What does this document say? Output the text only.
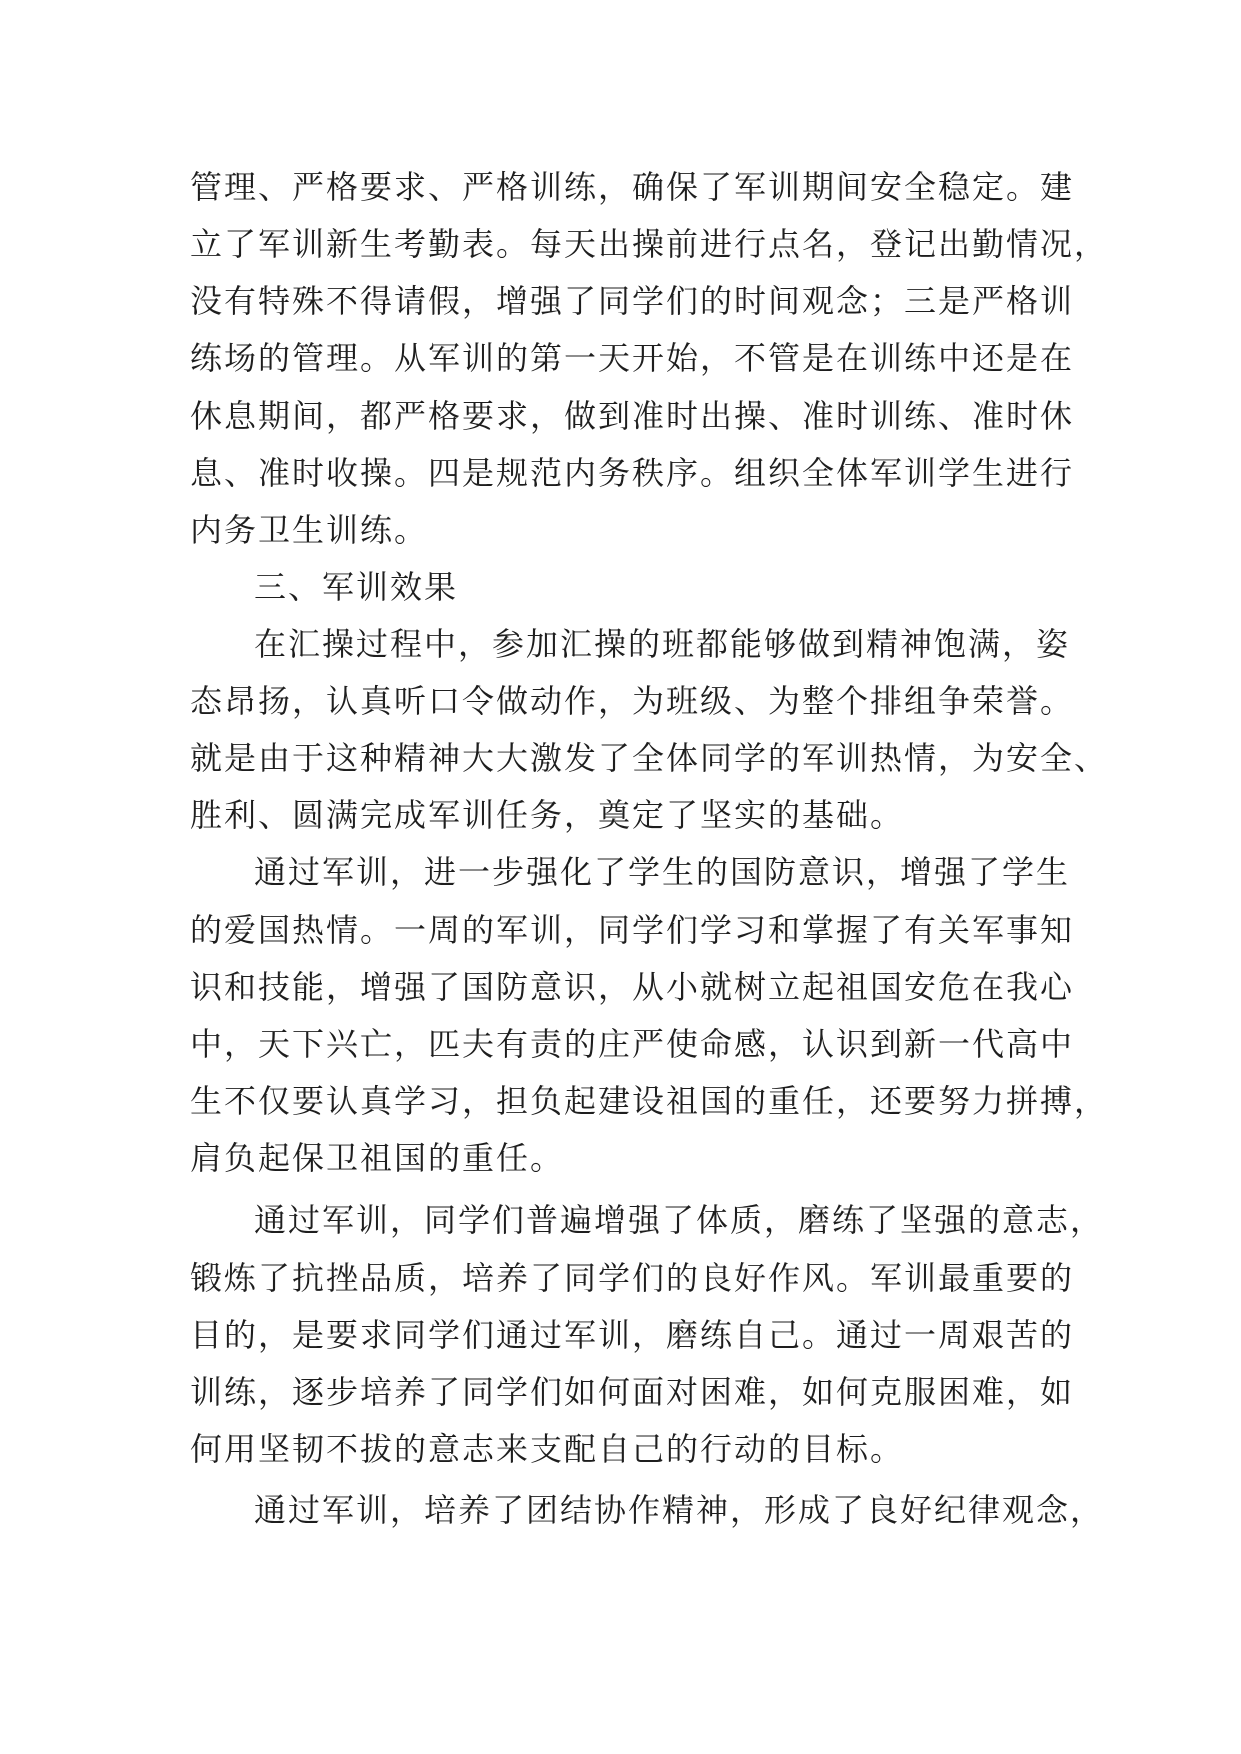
管理、严格要求、严格训练，确保了军训期间安全稳定。建
立了军训新生考勤表。每天出操前进行点名，登记出勤情况，
没有特殊不得请假，增强了同学们的时间观念；三是严格训
练场的管理。从军训的第一天开始，不管是在训练中还是在
休息期间，都严格要求，做到准时出操、准时训练、准时休
息、准时收操。四是规范内务秩序。组织全体军训学生进行
内务卫生训练。
三、军训效果
在汇操过程中，参加汇操的班都能够做到精神饱满，姿
态昂扬，认真听口令做动作，为班级、为整个排组争荣誉。
就是由于这种精神大大激发了全体同学的军训热情，为安全、
胜利、圆满完成军训任务，奠定了坚实的基础。
通过军训，进一步强化了学生的国防意识，增强了学生
的爱国热情。一周的军训，同学们学习和掌握了有关军事知
识和技能，增强了国防意识，从小就树立起祖国安危在我心
中，天下兴亡，匹夫有责的庄严使命感，认识到新一代高中
生不仅要认真学习，担负起建设祖国的重任，还要努力拼搏，
肩负起保卫祖国的重任。
通过军训，同学们普遍增强了体质，磨练了坚强的意志，
锻炼了抗挫品质，培养了同学们的良好作风。军训最重要的
目的，是要求同学们通过军训，磨练自己。通过一周艰苦的
训练，逐步培养了同学们如何面对困难，如何克服困难，如
何用坚韧不拔的意志来支配自己的行动的目标。
通过军训，培养了团结协作精神，形成了良好纪律观念，
